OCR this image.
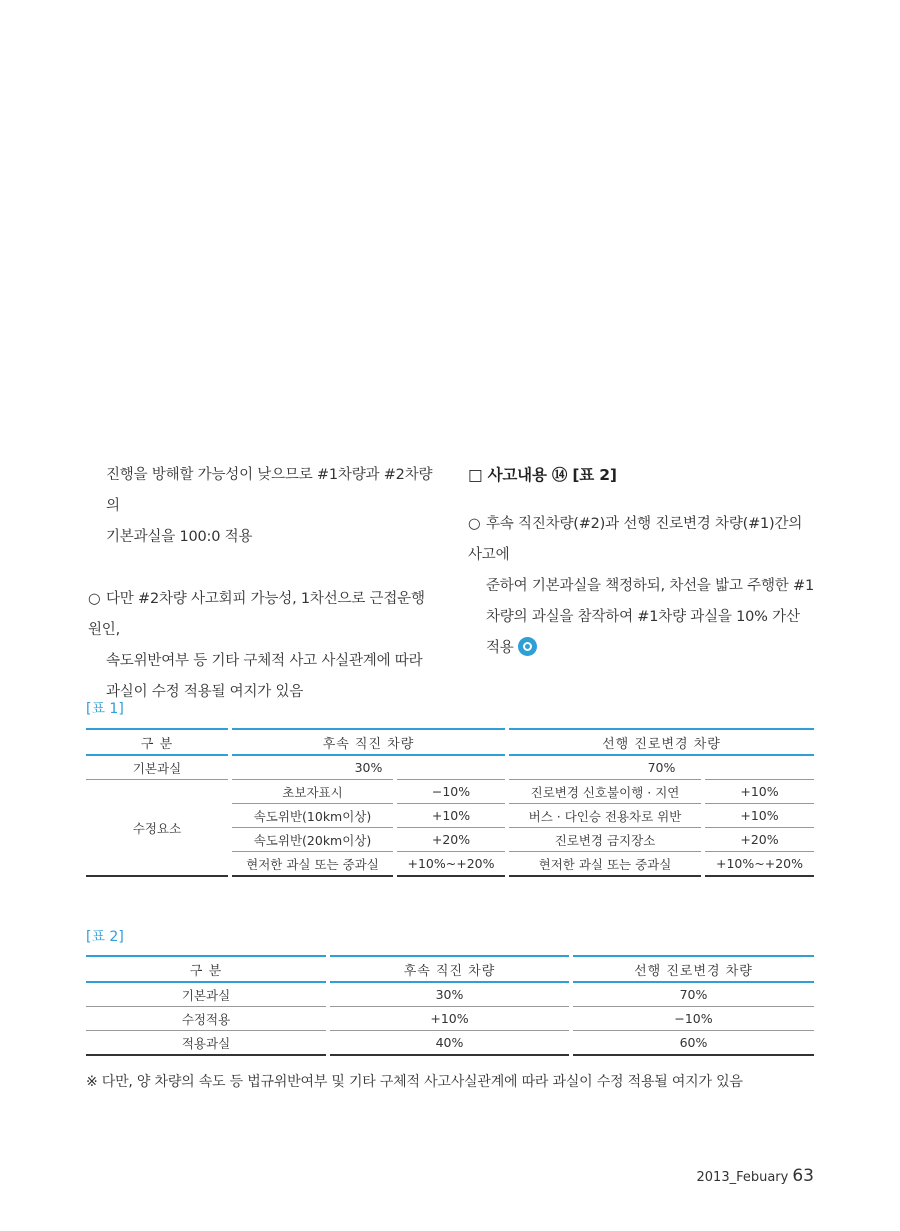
진행을 방해할 가능성이 낮으므로 #1차량과 #2차량의

기본과실을 100:0 적용

○ 다만 #2차량 사고회피 가능성, 1차선으로 근접운행 원인,

속도위반여부 등 기타 구체적 사고 사실관계에 따라

과실이 수정 적용될 여지가 있음

□ 사고내용 ⑭ [표 2]

○ 후속 직진차량(#2)과 선행 진로변경 차량(#1)간의 사고에

준하여 기본과실을 책정하되, 차선을 밟고 주행한 #1

차량의 과실을 참작하여 #1차량 과실을 10% 가산 적용

[표 1]
구 분	후속 직진 차량		선행 진로변경 차량	
기본과실	30%		70%	
수정요소	초보자표시	−10%	진로변경 신호불이행 · 지연	+10%
	속도위반(10km이상)	+10%	버스 · 다인승 전용차로 위반	+10%
	속도위반(20km이상)	+20%	진로변경 금지장소	+20%
	현저한 과실 또는 중과실	+10%~+20%	현저한 과실 또는 중과실	+10%~+20%
[표 2]
구 분	후속 직진 차량	선행 진로변경 차량
기본과실	30%	70%
수정적용	+10%	−10%
적용과실	40%	60%
※ 다만, 양 차량의 속도 등 법규위반여부 및 기타 구체적 사고사실관계에 따라 과실이 수정 적용될 여지가 있음
2013_Febuary 63
